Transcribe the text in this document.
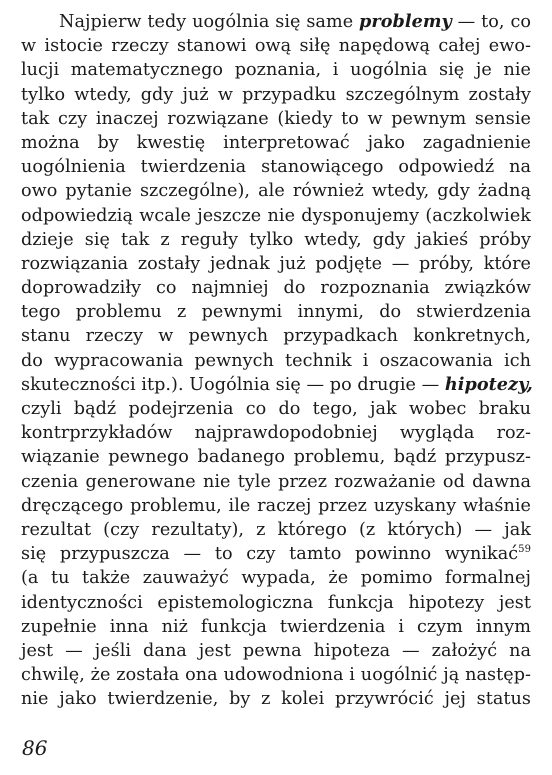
Najpierw tedy uogólnia się same problemy — to, co
w istocie rzeczy stanowi ową siłę napędową całej ewo-
lucji matematycznego poznania, i uogólnia się je nie
tylko wtedy, gdy już w przypadku szczególnym zostały
tak czy inaczej rozwiązane (kiedy to w pewnym sensie
można by kwestię interpretować jako zagadnienie
uogólnienia twierdzenia stanowiącego odpowiedź na
owo pytanie szczególne), ale również wtedy, gdy żadną
odpowiedzią wcale jeszcze nie dysponujemy (aczkolwiek
dzieje się tak z reguły tylko wtedy, gdy jakieś próby
rozwiązania zostały jednak już podjęte — próby, które
doprowadziły co najmniej do rozpoznania związków
tego problemu z pewnymi innymi, do stwierdzenia
stanu rzeczy w pewnych przypadkach konkretnych,
do wypracowania pewnych technik i oszacowania ich
skuteczności itp.). Uogólnia się — po drugie — hipotezy,
czyli bądź podejrzenia co do tego, jak wobec braku
kontrprzykładów najprawdopodobniej wygląda roz-
wiązanie pewnego badanego problemu, bądź przypusz-
czenia generowane nie tyle przez rozważanie od dawna
dręczącego problemu, ile raczej przez uzyskany właśnie
rezultat (czy rezultaty), z którego (z których) — jak
się przypuszcza — to czy tamto powinno wynikać$^{59}$
(a tu także zauważyć wypada, że pomimo formalnej
identyczności epistemologiczna funkcja hipotezy jest
zupełnie inna niż funkcja twierdzenia i czym innym
jest — jeśli dana jest pewna hipoteza — założyć na
chwilę, że została ona udowodniona i uogólnić ją następ-
nie jako twierdzenie, by z kolei przywrócić jej status
86
